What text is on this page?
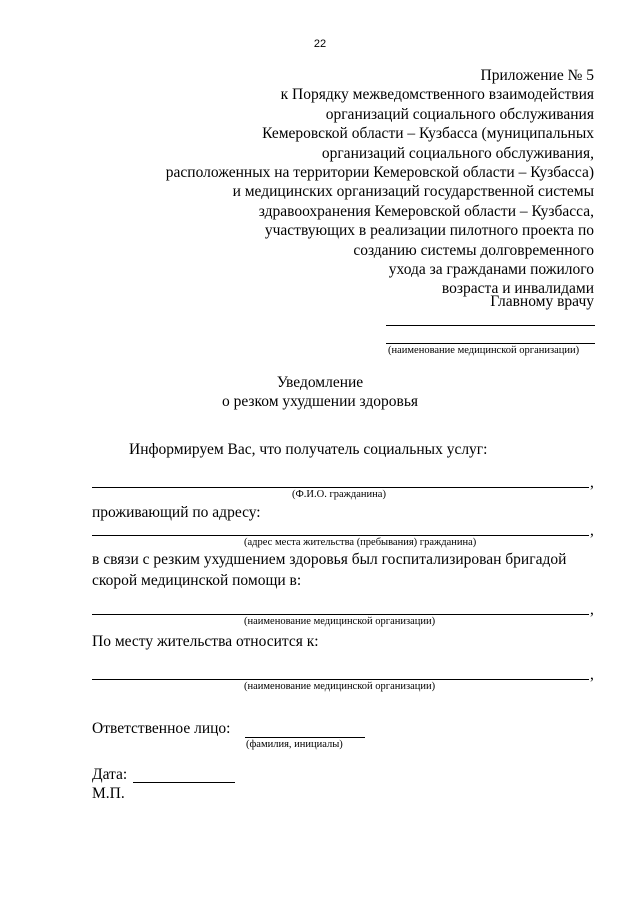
22
Приложение № 5
к Порядку межведомственного взаимодействия
организаций социального обслуживания
Кемеровской области – Кузбасса (муниципальных
организаций социального обслуживания,
расположенных на территории Кемеровской области – Кузбасса)
и медицинских организаций государственной системы
здравоохранения Кемеровской области – Кузбасса,
участвующих в реализации пилотного проекта по
созданию системы долговременного
ухода за гражданами пожилого
возраста и инвалидами
Главному врачу
(наименование медицинской организации)
Уведомление
о резком ухудшении здоровья
Информируем Вас, что получатель социальных услуг:
,
(Ф.И.О. гражданина)
проживающий по адресу:
,
(адрес места жительства (пребывания) гражданина)
в связи с резким ухудшением здоровья был госпитализирован бригадой
скорой медицинской помощи в:
,
(наименование медицинской организации)
По месту жительства относится к:
,
(наименование медицинской организации)
Ответственное лицо:
(фамилия, инициалы)
Дата:
М.П.
